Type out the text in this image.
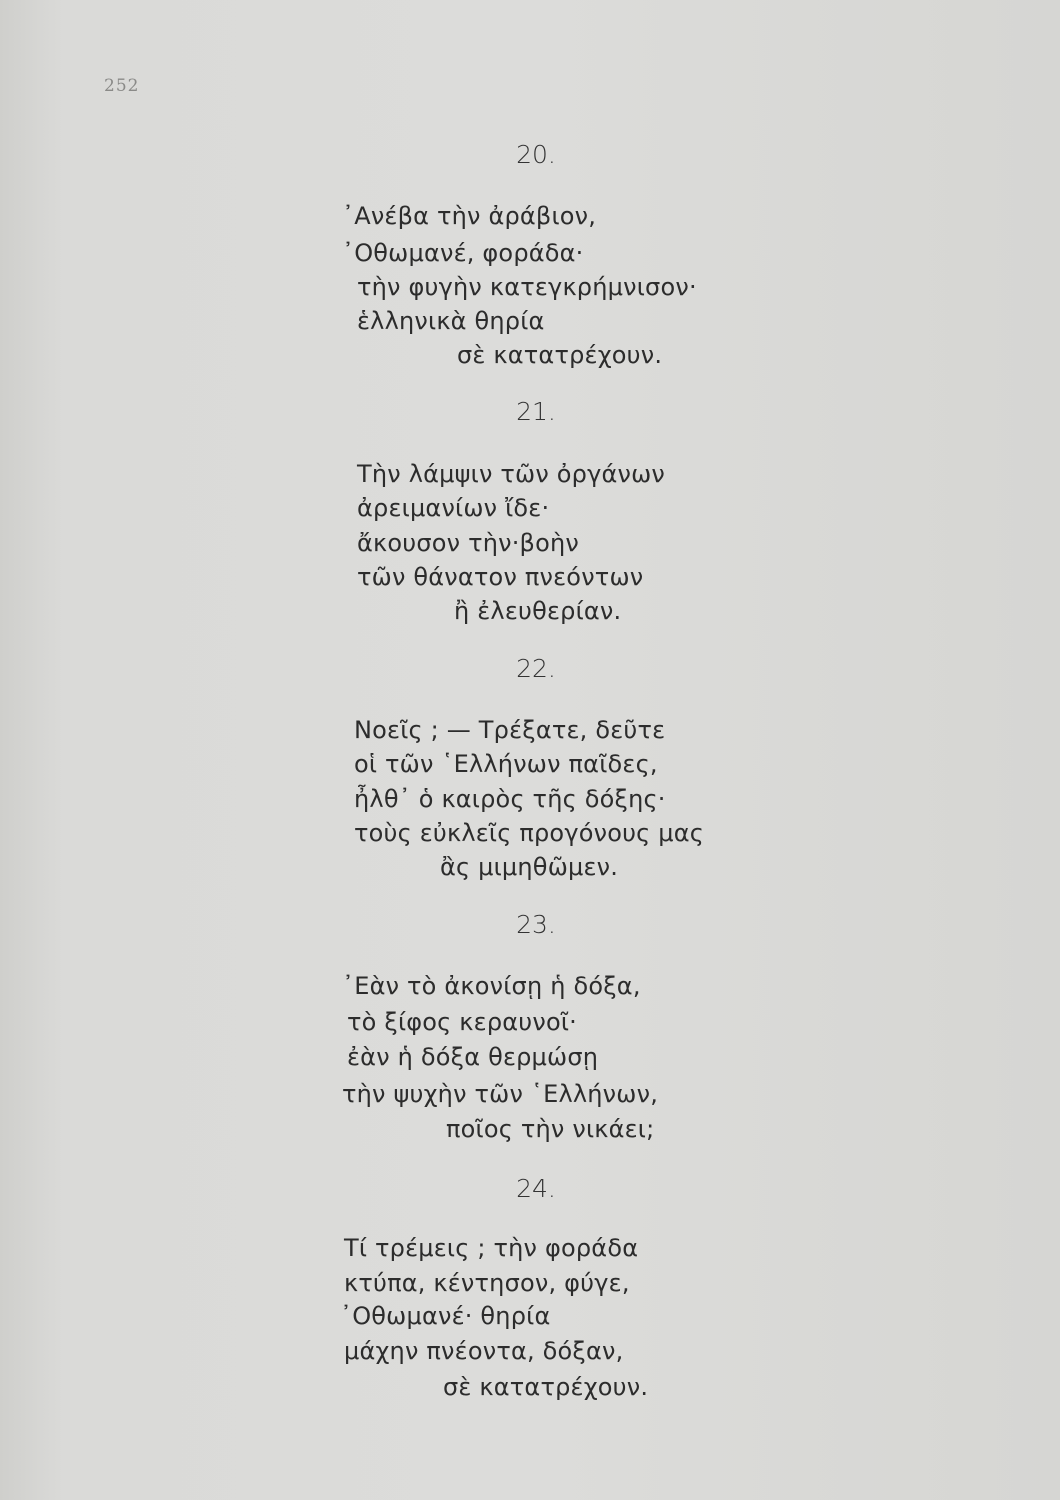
252
20.
᾿Ανέβα τὴν ἀράβιον,
᾿Οθωμανέ, φοράδα·
τὴν φυγὴν κατεγκρήμνισον·
ἑλληνικὰ θηρία
σὲ κατατρέχουν.
21.
Τὴν λάμψιν τῶν ὀργάνων
ἀρειμανίων ἴδε·
ἄκουσον τὴν·βοὴν
τῶν θάνατον πνεόντων
ἢ ἐλευθερίαν.
22.
Νοεῖς ; — Τρέξατε, δεῦτε
οἱ τῶν ῾Ελλήνων παῖδες,
ἦλθ᾿ ὁ καιρὸς τῆς δόξης·
τοὺς εὐκλεῖς προγόνους μας
ἂς μιμηθῶμεν.
23.
᾿Εὰν τὸ ἀκονίσῃ ἡ δόξα,
τὸ ξίφος κεραυνοῖ·
ἐὰν ἡ δόξα θερμώσῃ
τὴν ψυχὴν τῶν ῾Ελλήνων,
ποῖος τὴν νικάει;
24.
Τί τρέμεις ; τὴν φοράδα
κτύπα, κέντησον, φύγε,
᾿Οθωμανέ· θηρία
μάχην πνέοντα, δόξαν,
σὲ κατατρέχουν.
